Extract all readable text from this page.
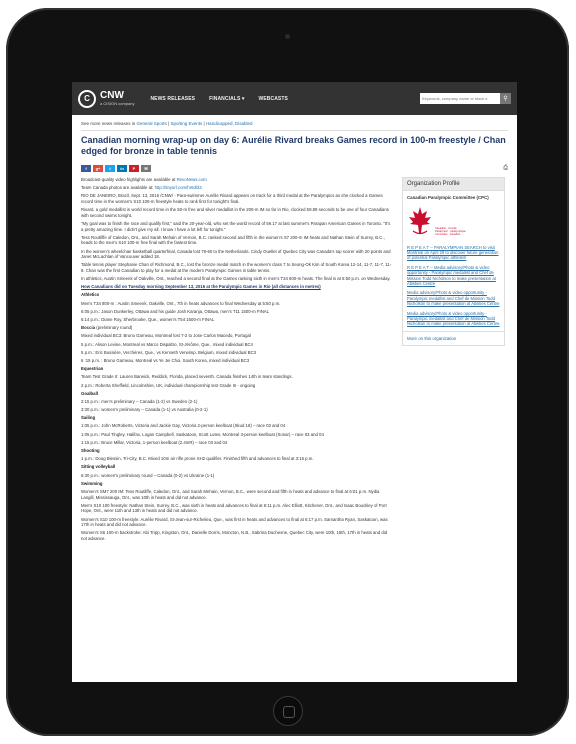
C	CNW
a CISION company
NEWS RELEASES	FINANCIALS ▾	WEBCASTS
Keywords, company name or stock s	⚲
See more news releases in General Sports | Sporting Events | Handicapped, Disabled
Canadian morning wrap-up on day 6: Aurélie Rivard breaks Games record in 100-m freestyle / Chan edged for bronze in table tennis
f	g+	t	in	P	✉	⎙

Broadcast-quality video highlights are available at RevoNews.com

Team Canada photos are available at: http://tinyurl.com/hr6dl33

RIO DE JANEIRO, Brazil, Sept. 13, 2016 /CNW/ - Para-swimmer Aurélie Rivard appears on track for a third medal at the Paralympics as she clocked a Games record time in the women's S10 100-m freestyle heats to rank first for tonight's final.

Rivard, a gold medallist in world record time in the 50-m free and silver medallist in the 200-m IM so far in Rio, clocked 59.89 seconds to be one of four Canadians with second swims tonight.

"My goal was to finish the race and qualify first," said the 20-year-old, who set the world record of 59.17 at last summer's Parapan American Games in Toronto. "It's a pretty amazing time. I didn't give my all. I know I have a lot left for tonight."

Tess Routliffe of Caledon, Ont., and Sarah Mehain of Vernon, B.C. ranked second and fifth in the women's S7 200-m IM heats and Nathan Stein of Surrey, B.C., heads to the men's S10 100-m free final with the fastest time.

In the women's wheelchair basketball quarterfinal, Canada lost 78-60 to the Netherlands. Cindy Ouellet of Quebec City was Canada's top scorer with 20 points and Janet McLachlan of Vancouver added 18.

Table tennis player Stephanie Chan of Richmond, B.C., lost the bronze medal match in the women's class 7 to Seong-Ok Kim of South Korea 12-14, 11-7, 11-7, 11-8. Chan was the first Canadian to play for a medal at the modern Paralympic Games in table tennis.

In athletics, Austin Smeenk of Oakville, Ont., reached a second final at the Games ranking sixth in men's T34 800-m heats. The final is at 5:50 p.m. on Wednesday.

How Canadians did on Tuesday morning September 13, 2016 at the Paralympic Games in Rio (all distances in metres)

Athletics

Men's T34 800-m : Austin Smeenk, Oakville, Ont., 7th in heats advances to final Wednesday at 5:50 p.m.

6:05 p.m.: Jason Dunkerley, Ottawa and his guide Josh Karanja, Ottawa, men's T11 1500-m FINAL

6:14 p.m.: Diane Roy, Sherbrooke, Que., women's T54 1500-m FINAL

Boccia (preliminary round)

Mixed individual BC3: Bruno Garneau, Montreal lost 7-2 to Jose Carlos Macedo, Portugal

5 p.m.: Alison Levine, Montreal vs Marco Dispaltro, St-Jérôme, Que., mixed individual BC4

5 p.m.: Eric Bussière, Verchères, Que., vs Kenneth Verwimp, Belgium, mixed individual BC3

6 :15 p.m. : Bruno Garneau, Montreal vs Ye Jei Choi, South Korea, mixed individual BC3

Equestrian

Team Test Grade II: Lauren Barwick, Reddick, Florida, placed seventh. Canada finishes 14th in team standings.

2 p.m.: Roberta Sheffield, Lincolnshire, UK, individual championship test Grade III - ongoing

Goalball

2:15 p.m.: men's preliminary – Canada (1-2) vs Sweden (2-1)

3:30 p.m.: women's preliminary – Canada (1-1) vs Australia (0-2-1)

Sailing

1:05 p.m.: John McRoberts, Victoria and Jackie Gay, Victoria 2-person keelboat (Skud 18) – race 03 and 04

1:05 p.m.: Paul Tingley, Halifax, Logan Campbell, Saskatoon, Scott Lutes, Montreal 3-person keelboat (Sonar) – race 03 and 04

1:15 p.m.: Bruce Millar, Victoria, 1-person keelboat (2.4mR) – race 03 and 04

Shooting

1 p.m.: Doug Blessin, Tri-City, B.C. Mixed 10m air rifle prone SH2 qualifier. Finished fifth and advances to final at 3:15 p.m.

Sitting volleyball

6:30 p.m.: women's preliminary round – Canada (0-2) vs Ukraine (1-1)

Swimming

Women's SM7 200 IM: Tess Routliffe, Caledon, Ont., and Sarah Mehain, Vernon, B.C., were second and fifth in heats and advance to final at 6:01 p.m. Nydia Langill, Mississauga, Ont., was 10th in heats and did not advance.

Men's S10 100 freestyle: Nathan Stein, Surrey, B.C., was sixth in heats and advances to final at 6:11 p.m. Alec Elliott, Kitchener, Ont., and Isaac Bouckley of Port Hope, Ont., were 11th and 13th in heats and did not advance.

Women's S10 100-m freestyle: Aurélie Rivard, St-Jean-sur-Richelieu, Que., was first in heats and advances to final at 6:17 p.m. Samantha Ryan, Saskatoon, was 17th in heats and did not advance.

Women's S6 100-m backstroke: Abi Tripp, Kingston, Ont., Danielle Dorris, Moncton, N.B., Sabrina Duchesne, Quebec City, were 10th, 15th, 17th in heats and did not advance.

Organization Profile
Canadian Paralympic Committee (CPC)
Canadian · Comité
Paralympic · paralympique
Committee · canadien
R E P E A T -- PARALYMPIAN SEARCH to visit Montreal on April 29 to discover future generation of potential Paralympic athletes!
R E P E A T -- Media advisory/Photo & video opportunity - Paralympic medallist and Chef de Mission Todd Nicholson to make presentation at Abilities Centre
Media advisory/Photo & video opportunity - Paralympic medallist and Chef de Mission Todd Nicholson to make presentation at Abilities Centre
Media advisory/Photo & video opportunity - Paralympic medallist and Chef de Mission Todd Nicholson to make presentation at Abilities Centre
More on this organization
